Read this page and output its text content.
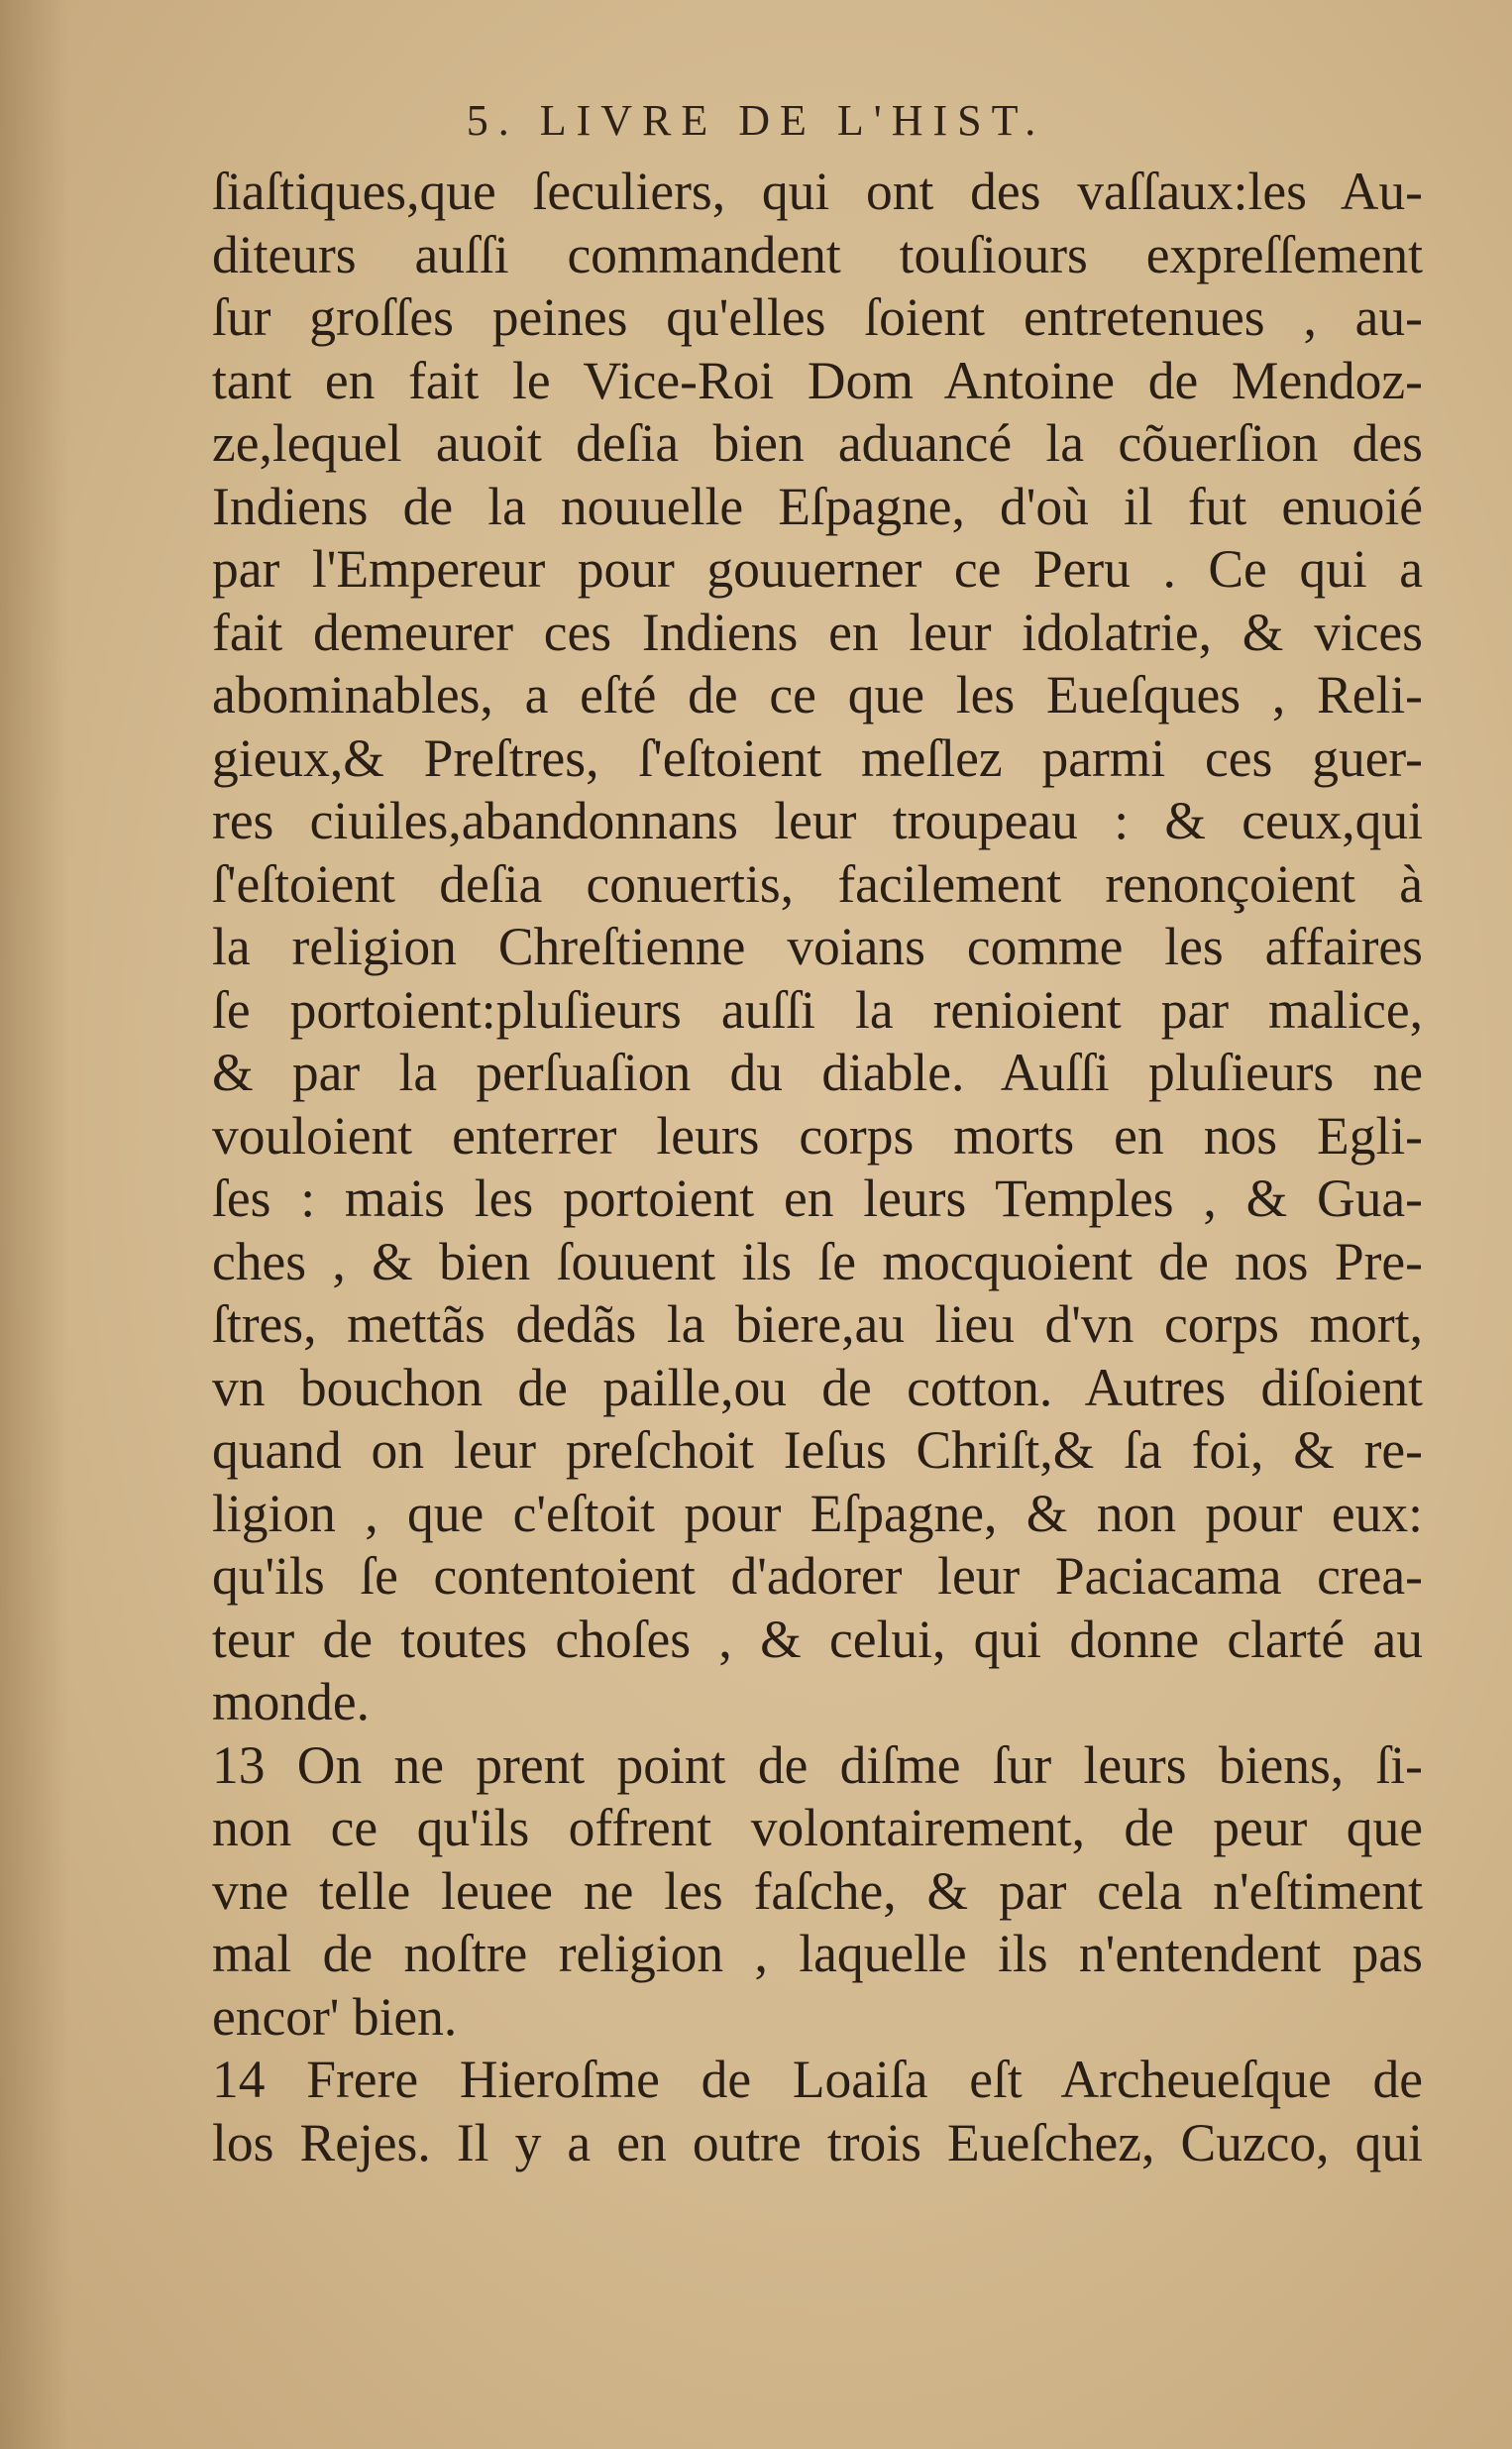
5. LIVRE DE L'HIST.
ſiaſtiques,que ſeculiers, qui ont des vaſſaux:les Au-
diteurs auſſi commandent touſiours expreſſement
ſur groſſes peines qu'elles ſoient entretenues , au-
tant en fait le Vice-Roi Dom Antoine de Mendoz-
ze,lequel auoit deſia bien aduancé la cõuerſion des
Indiens de la nouuelle Eſpagne, d'où il fut enuoié
par l'Empereur pour gouuerner ce Peru . Ce qui a
fait demeurer ces Indiens en leur idolatrie, & vices
abominables, a eſté de ce que les Eueſques , Reli-
gieux,& Preſtres, ſ'eſtoient meſlez parmi ces guer-
res ciuiles,abandonnans leur troupeau : & ceux,qui
ſ'eſtoient deſia conuertis, facilement renonçoient à
la religion Chreſtienne voians comme les affaires
ſe portoient:pluſieurs auſſi la renioient par malice,
& par la perſuaſion du diable. Auſſi pluſieurs ne
vouloient enterrer leurs corps morts en nos Egli-
ſes : mais les portoient en leurs Temples , & Gua-
ches , & bien ſouuent ils ſe mocquoient de nos Pre-
ſtres, mettãs dedãs la biere,au lieu d'vn corps mort,
vn bouchon de paille,ou de cotton. Autres diſoient
quand on leur preſchoit Ieſus Chriſt,& ſa foi, & re-
ligion , que c'eſtoit pour Eſpagne, & non pour eux:
qu'ils ſe contentoient d'adorer leur Paciacama crea-
teur de toutes choſes , & celui, qui donne clarté au
monde.
13 On ne prent point de diſme ſur leurs biens, ſi-
non ce qu'ils offrent volontairement, de peur que
vne telle leuee ne les faſche, & par cela n'eſtiment
mal de noſtre religion , laquelle ils n'entendent pas
encor' bien.
14 Frere Hieroſme de Loaiſa eſt Archeueſque de
los Rejes. Il y a en outre trois Eueſchez, Cuzco, qui
